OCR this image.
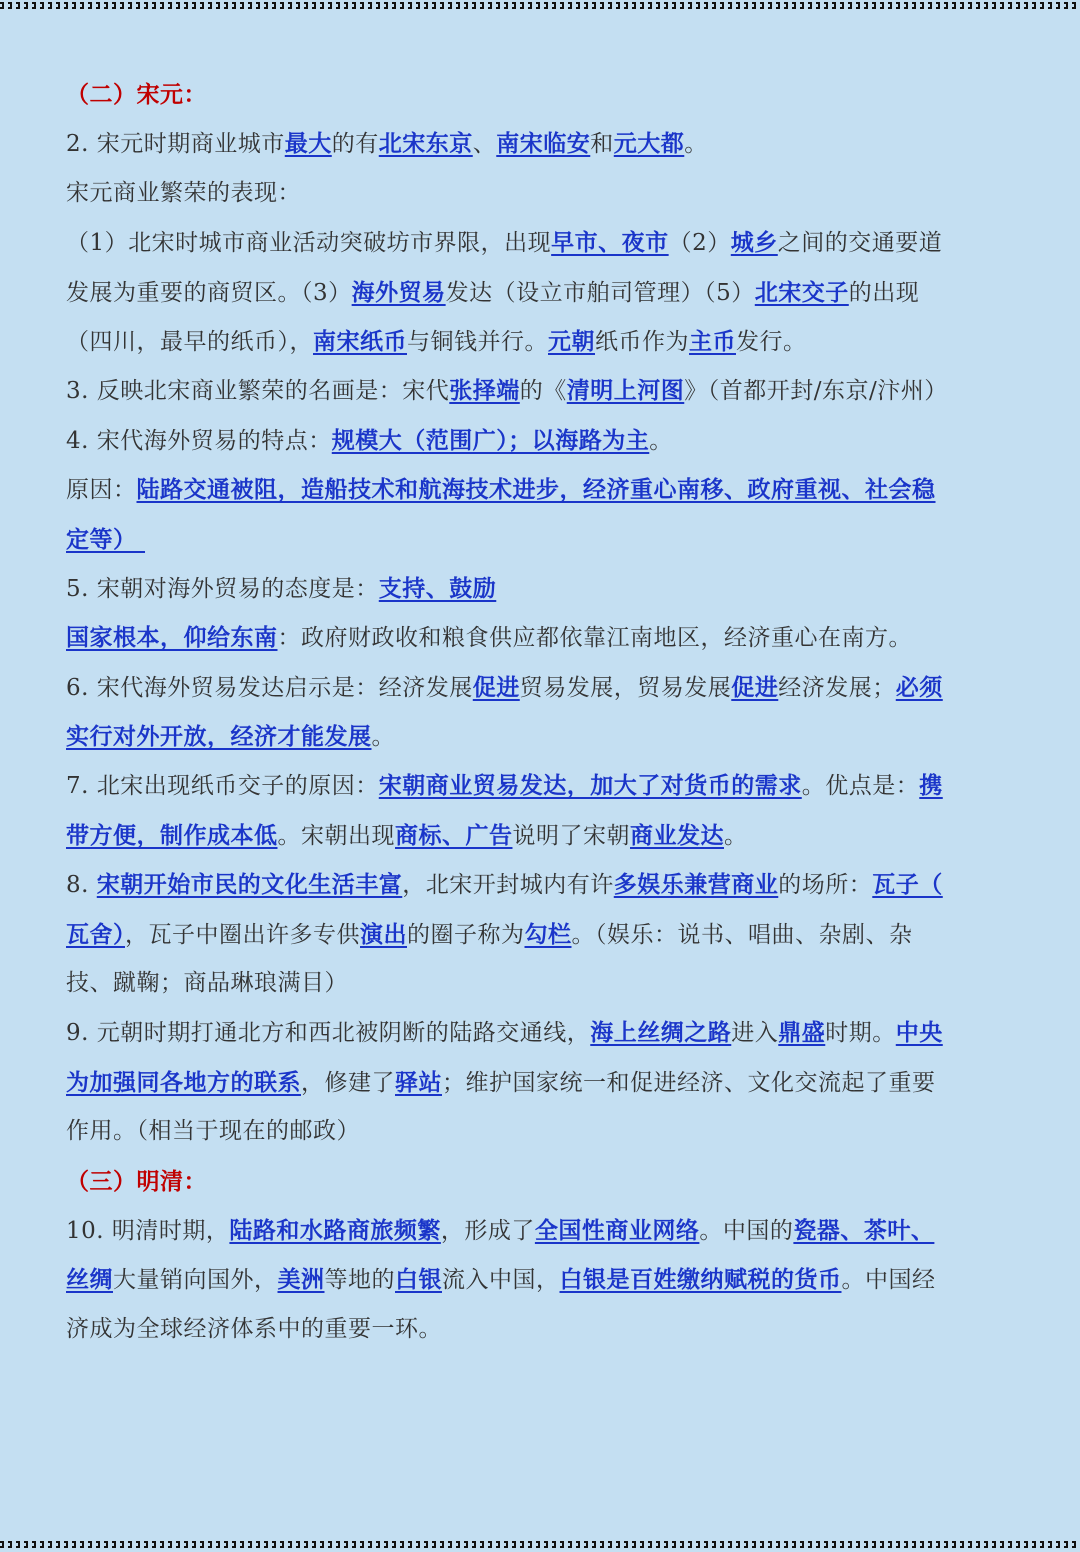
（二）宋元：
2. 宋元时期商业城市最大的有北宋东京、南宋临安和元大都。
宋元商业繁荣的表现：
（1）北宋时城市商业活动突破坊市界限，出现早市、夜市（2）城乡之间的交通要道
发展为重要的商贸区。（3）海外贸易发达（设立市舶司管理）（5）北宋交子的出现
（四川，最早的纸币），南宋纸币与铜钱并行。元朝纸币作为主币发行。
3. 反映北宋商业繁荣的名画是：宋代张择端的《清明上河图》（首都开封/东京/汴州）
4. 宋代海外贸易的特点：规模大（范围广）；以海路为主。
原因：陆路交通被阻，造船技术和航海技术进步，经济重心南移、政府重视、社会稳
定等）
5. 宋朝对海外贸易的态度是：支持、鼓励
国家根本，仰给东南：政府财政收和粮食供应都依靠江南地区，经济重心在南方。
6. 宋代海外贸易发达启示是：经济发展促进贸易发展，贸易发展促进经济发展；必须
实行对外开放，经济才能发展。
7. 北宋出现纸币交子的原因：宋朝商业贸易发达，加大了对货币的需求。优点是：携
带方便，制作成本低。宋朝出现商标、广告说明了宋朝商业发达。
8. 宋朝开始市民的文化生活丰富，北宋开封城内有许多娱乐兼营商业的场所：瓦子（
瓦舍），瓦子中圈出许多专供演出的圈子称为勾栏。（娱乐：说书、唱曲、杂剧、杂
技、蹴鞠；商品琳琅满目）
9. 元朝时期打通北方和西北被阴断的陆路交通线，海上丝绸之路进入鼎盛时期。中央
为加强同各地方的联系，修建了驿站；维护国家统一和促进经济、文化交流起了重要
作用。（相当于现在的邮政）
（三）明清：
10. 明清时期，陆路和水路商旅频繁，形成了全国性商业网络。中国的瓷器、茶叶、
丝绸大量销向国外，美洲等地的白银流入中国，白银是百姓缴纳赋税的货币。中国经
济成为全球经济体系中的重要一环。
